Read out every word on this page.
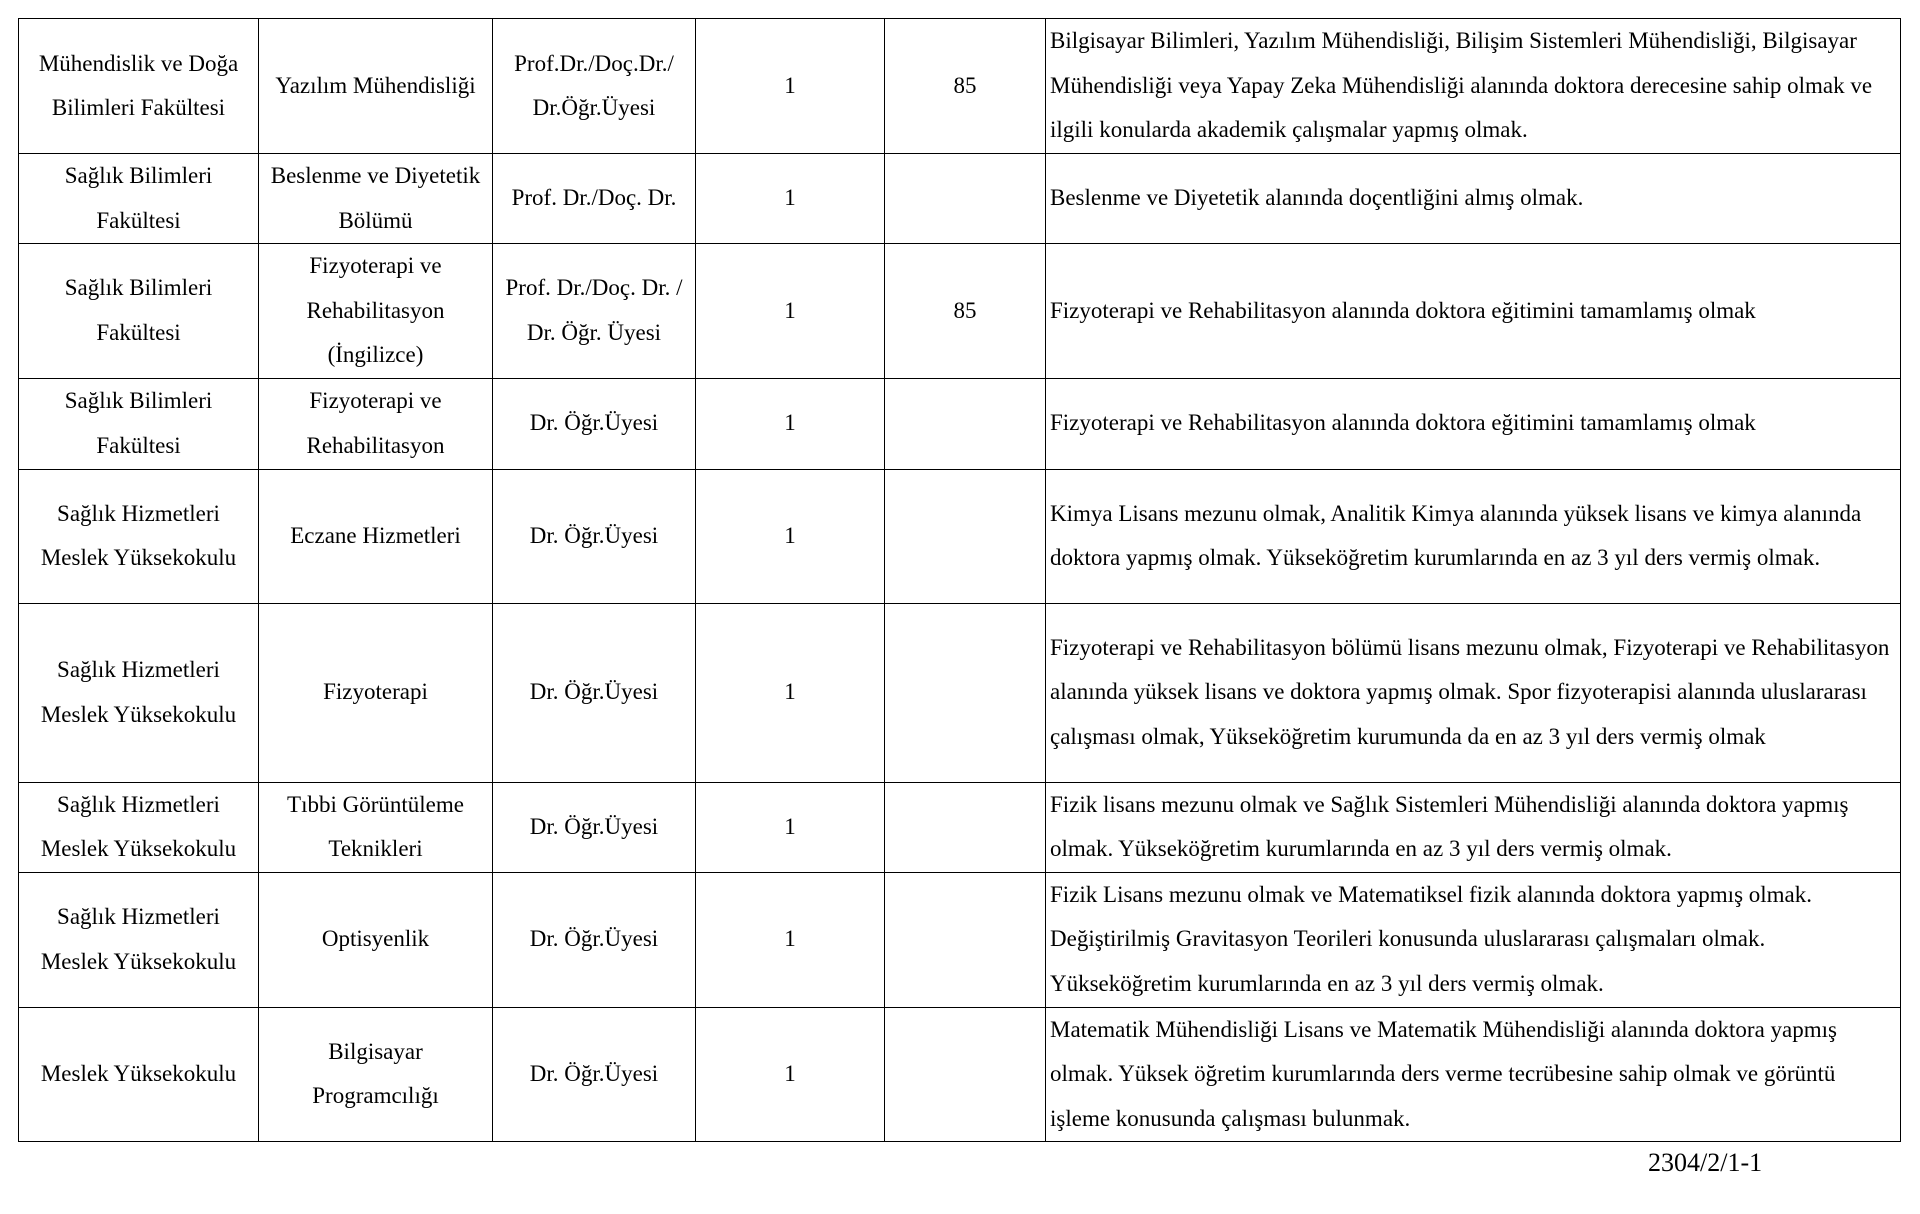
Mühendislik ve Doğa Bilimleri Fakültesi	Yazılım Mühendisliği	Prof.Dr./Doç.Dr./ Dr.Öğr.Üyesi	1	85	Bilgisayar Bilimleri, Yazılım Mühendisliği, Bilişim Sistemleri Mühendisliği, Bilgisayar Mühendisliği veya Yapay Zeka Mühendisliği alanında doktora derecesine sahip olmak ve ilgili konularda akademik çalışmalar yapmış olmak.
Sağlık Bilimleri Fakültesi	Beslenme ve Diyetetik Bölümü	Prof. Dr./Doç. Dr.	1		Beslenme ve Diyetetik alanında doçentliğini almış olmak.
Sağlık Bilimleri Fakültesi	Fizyoterapi ve Rehabilitasyon (İngilizce)	Prof. Dr./Doç. Dr. / Dr. Öğr. Üyesi	1	85	Fizyoterapi ve Rehabilitasyon alanında doktora eğitimini tamamlamış olmak
Sağlık Bilimleri Fakültesi	Fizyoterapi ve Rehabilitasyon	Dr. Öğr.Üyesi	1		Fizyoterapi ve Rehabilitasyon alanında doktora eğitimini tamamlamış olmak
Sağlık Hizmetleri Meslek Yüksekokulu	Eczane Hizmetleri	Dr. Öğr.Üyesi	1		Kimya Lisans mezunu olmak, Analitik Kimya alanında yüksek lisans ve kimya alanında doktora yapmış olmak. Yükseköğretim kurumlarında en az 3 yıl ders vermiş olmak.
Sağlık Hizmetleri Meslek Yüksekokulu	Fizyoterapi	Dr. Öğr.Üyesi	1		Fizyoterapi ve Rehabilitasyon bölümü lisans mezunu olmak, Fizyoterapi ve Rehabilitasyon alanında yüksek lisans ve doktora yapmış olmak. Spor fizyoterapisi alanında uluslararası çalışması olmak, Yükseköğretim kurumunda da en az 3 yıl ders vermiş olmak
Sağlık Hizmetleri Meslek Yüksekokulu	Tıbbi Görüntüleme Teknikleri	Dr. Öğr.Üyesi	1		Fizik lisans mezunu olmak ve Sağlık Sistemleri Mühendisliği alanında doktora yapmış olmak. Yükseköğretim kurumlarında en az 3 yıl ders vermiş olmak.
Sağlık Hizmetleri Meslek Yüksekokulu	Optisyenlik	Dr. Öğr.Üyesi	1		Fizik Lisans mezunu olmak ve Matematiksel fizik alanında doktora yapmış olmak. Değiştirilmiş Gravitasyon Teorileri konusunda uluslararası çalışmaları olmak. Yükseköğretim kurumlarında en az 3 yıl ders vermiş olmak.
Meslek Yüksekokulu	Bilgisayar Programcılığı	Dr. Öğr.Üyesi	1		Matematik Mühendisliği Lisans ve Matematik Mühendisliği alanında doktora yapmış olmak. Yüksek öğretim kurumlarında ders verme tecrübesine sahip olmak ve görüntü işleme konusunda çalışması bulunmak.
2304/2/1-1
